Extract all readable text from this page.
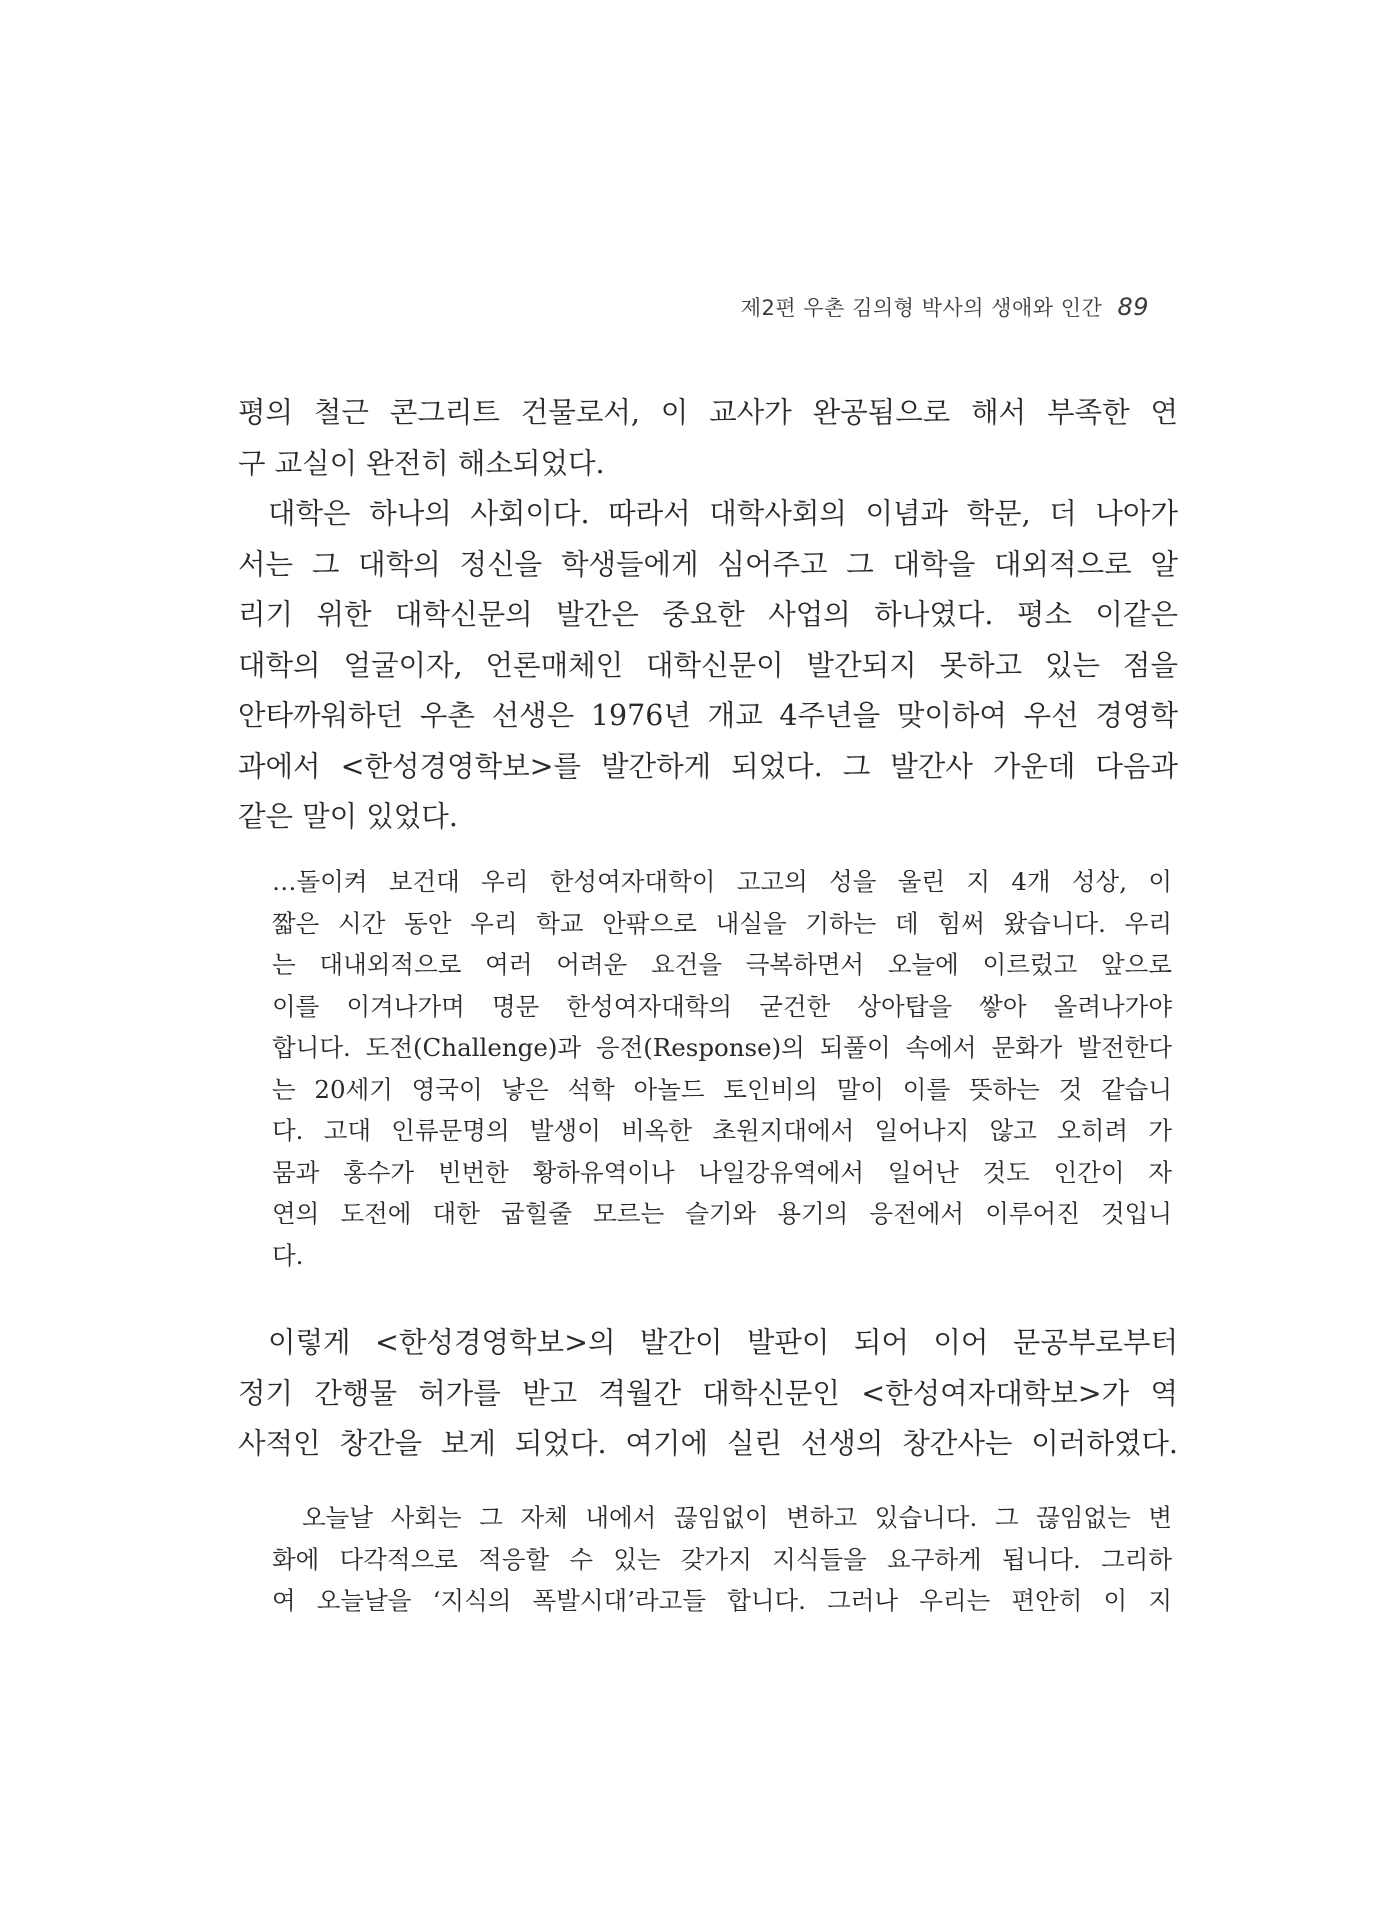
제2편 우촌 김의형 박사의 생애와 인간 89
평의 철근 콘그리트 건물로서, 이 교사가 완공됨으로 해서 부족한 연
구 교실이 완전히 해소되었다.
대학은 하나의 사회이다. 따라서 대학사회의 이념과 학문, 더 나아가
서는 그 대학의 정신을 학생들에게 심어주고 그 대학을 대외적으로 알
리기 위한 대학신문의 발간은 중요한 사업의 하나였다. 평소 이같은
대학의 얼굴이자, 언론매체인 대학신문이 발간되지 못하고 있는 점을
안타까워하던 우촌 선생은 1976년 개교 4주년을 맞이하여 우선 경영학
과에서 <한성경영학보>를 발간하게 되었다. 그 발간사 가운데 다음과
같은 말이 있었다.
…돌이켜 보건대 우리 한성여자대학이 고고의 성을 울린 지 4개 성상, 이
짧은 시간 동안 우리 학교 안팎으로 내실을 기하는 데 힘써 왔습니다. 우리
는 대내외적으로 여러 어려운 요건을 극복하면서 오늘에 이르렀고 앞으로
이를 이겨나가며 명문 한성여자대학의 굳건한 상아탑을 쌓아 올려나가야
합니다. 도전(Challenge)과 응전(Response)의 되풀이 속에서 문화가 발전한다
는 20세기 영국이 낳은 석학 아놀드 토인비의 말이 이를 뜻하는 것 같습니
다. 고대 인류문명의 발생이 비옥한 초원지대에서 일어나지 않고 오히려 가
뭄과 홍수가 빈번한 황하유역이나 나일강유역에서 일어난 것도 인간이 자
연의 도전에 대한 굽힐줄 모르는 슬기와 용기의 응전에서 이루어진 것입니
다.
이렇게 <한성경영학보>의 발간이 발판이 되어 이어 문공부로부터
정기 간행물 허가를 받고 격월간 대학신문인 <한성여자대학보>가 역
사적인 창간을 보게 되었다. 여기에 실린 선생의 창간사는 이러하였다.
오늘날 사회는 그 자체 내에서 끊임없이 변하고 있습니다. 그 끊임없는 변
화에 다각적으로 적응할 수 있는 갖가지 지식들을 요구하게 됩니다. 그리하
여 오늘날을 ‘지식의 폭발시대’라고들 합니다. 그러나 우리는 편안히 이 지
